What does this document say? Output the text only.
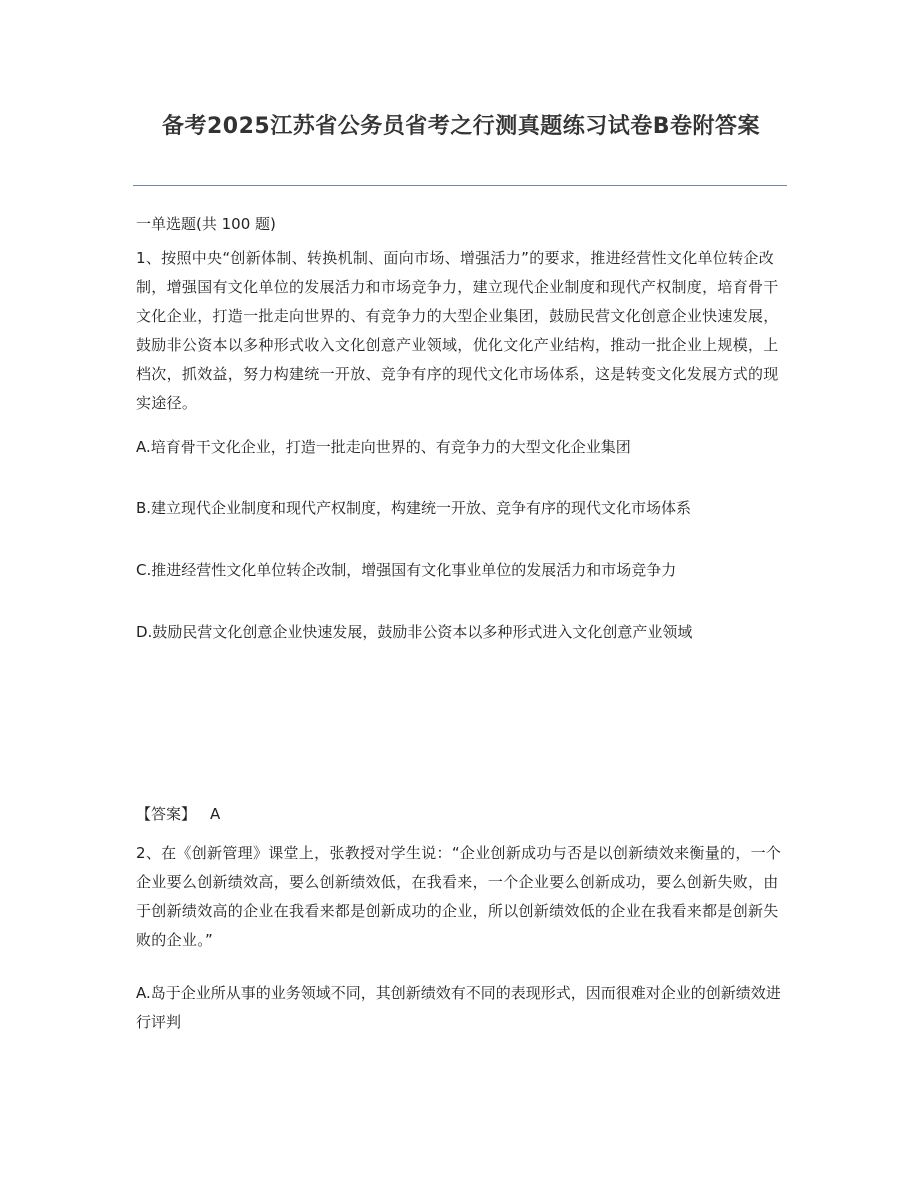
备考2025江苏省公务员省考之行测真题练习试卷B卷附答案

一单选题(共 100 题)

1、按照中央“创新体制、转换机制、面向市场、增强活力”的要求，推进经营性文化单位转企改制，增强国有文化单位的发展活力和市场竞争力，建立现代企业制度和现代产权制度，培育骨干文化企业，打造一批走向世界的、有竞争力的大型企业集团，鼓励民营文化创意企业快速发展，鼓励非公资本以多种形式收入文化创意产业领域，优化文化产业结构，推动一批企业上规模，上档次，抓效益，努力构建统一开放、竞争有序的现代文化市场体系，这是转变文化发展方式的现实途径。

A.培育骨干文化企业，打造一批走向世界的、有竞争力的大型文化企业集团

B.建立现代企业制度和现代产权制度，构建统一开放、竞争有序的现代文化市场体系

C.推进经营性文化单位转企改制，增强国有文化事业单位的发展活力和市场竞争力

D.鼓励民营文化创意企业快速发展，鼓励非公资本以多种形式进入文化创意产业领域

【答案】 A

2、在《创新管理》课堂上，张教授对学生说：“企业创新成功与否是以创新绩效来衡量的，一个企业要么创新绩效高，要么创新绩效低，在我看来，一个企业要么创新成功，要么创新失败，由于创新绩效高的企业在我看来都是创新成功的企业，所以创新绩效低的企业在我看来都是创新失败的企业。”

A.岛于企业所从事的业务领域不同，其创新绩效有不同的表现形式，因而很难对企业的创新绩效进行评判
